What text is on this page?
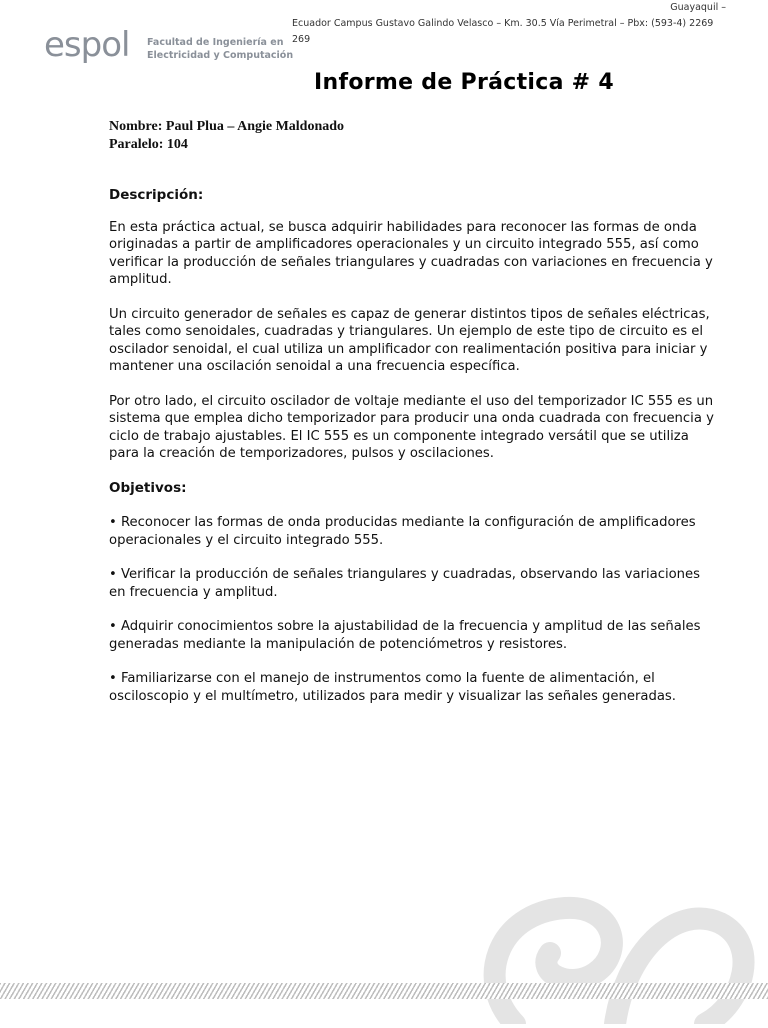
Guayaquil –
Ecuador Campus Gustavo Galindo Velasco – Km. 30.5 Vía Perimetral – Pbx: (593-4) 2269 269
espol Facultad de Ingeniería en
Electricidad y Computación
Informe de Práctica # 4
Nombre: Paul Plua – Angie Maldonado
Paralelo: 104
Descripción:

En esta práctica actual, se busca adquirir habilidades para reconocer las formas de onda originadas a partir de amplificadores operacionales y un circuito integrado 555, así como verificar la producción de señales triangulares y cuadradas con variaciones en frecuencia y amplitud.

Un circuito generador de señales es capaz de generar distintos tipos de señales eléctricas, tales como senoidales, cuadradas y triangulares. Un ejemplo de este tipo de circuito es el oscilador senoidal, el cual utiliza un amplificador con realimentación positiva para iniciar y mantener una oscilación senoidal a una frecuencia específica.

Por otro lado, el circuito oscilador de voltaje mediante el uso del temporizador IC 555 es un sistema que emplea dicho temporizador para producir una onda cuadrada con frecuencia y ciclo de trabajo ajustables. El IC 555 es un componente integrado versátil que se utiliza para la creación de temporizadores, pulsos y oscilaciones.

Objetivos:
• Reconocer las formas de onda producidas mediante la configuración de amplificadores operacionales y el circuito integrado 555.
• Verificar la producción de señales triangulares y cuadradas, observando las variaciones en frecuencia y amplitud.
• Adquirir conocimientos sobre la ajustabilidad de la frecuencia y amplitud de las señales generadas mediante la manipulación de potenciómetros y resistores.
• Familiarizarse con el manejo de instrumentos como la fuente de alimentación, el osciloscopio y el multímetro, utilizados para medir y visualizar las señales generadas.
